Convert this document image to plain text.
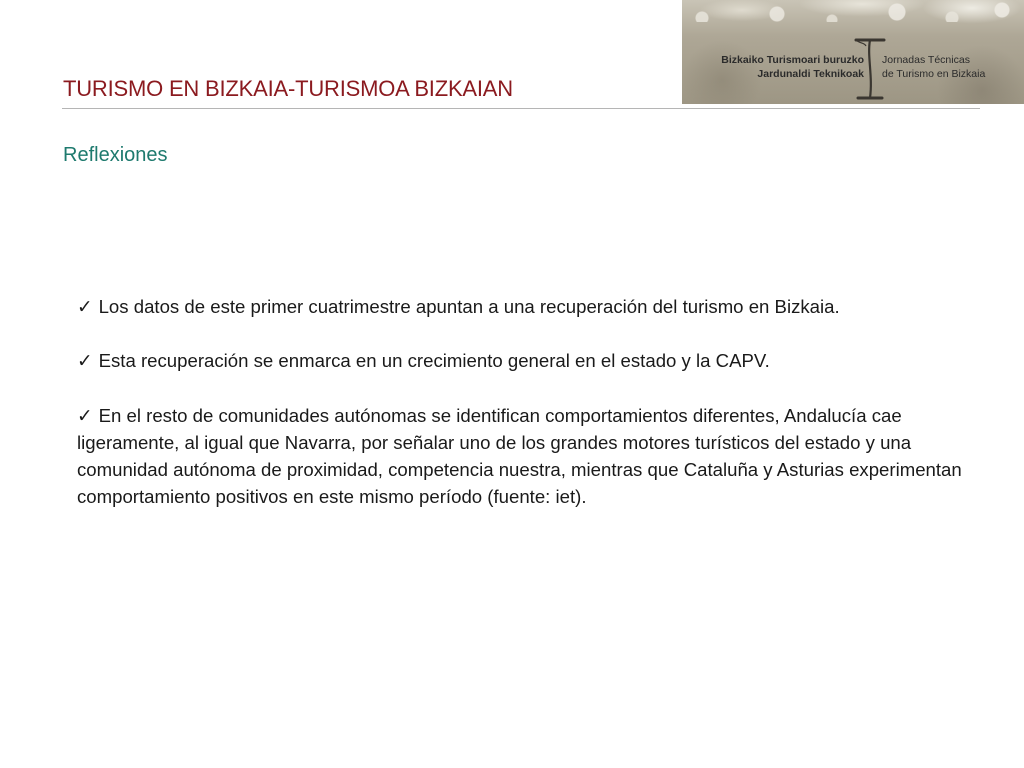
TURISMO EN BIZKAIA-TURISMOA BIZKAIAN
Bizkaiko Turismoari buruzko
Jardunaldi Teknikoak
Jornadas Técnicas
de Turismo en Bizkaia
Reflexiones

✓ Los datos de este primer cuatrimestre apuntan a una recuperación del turismo en Bizkaia.

✓ Esta recuperación se enmarca en un crecimiento general en el estado y la CAPV.

✓ En el resto de comunidades autónomas se identifican comportamientos diferentes, Andalucía cae ligeramente, al igual que Navarra, por señalar uno de los grandes motores turísticos del estado y una comunidad autónoma de proximidad, competencia nuestra, mientras que Cataluña y Asturias experimentan comportamiento positivos en este mismo período (fuente: iet).
